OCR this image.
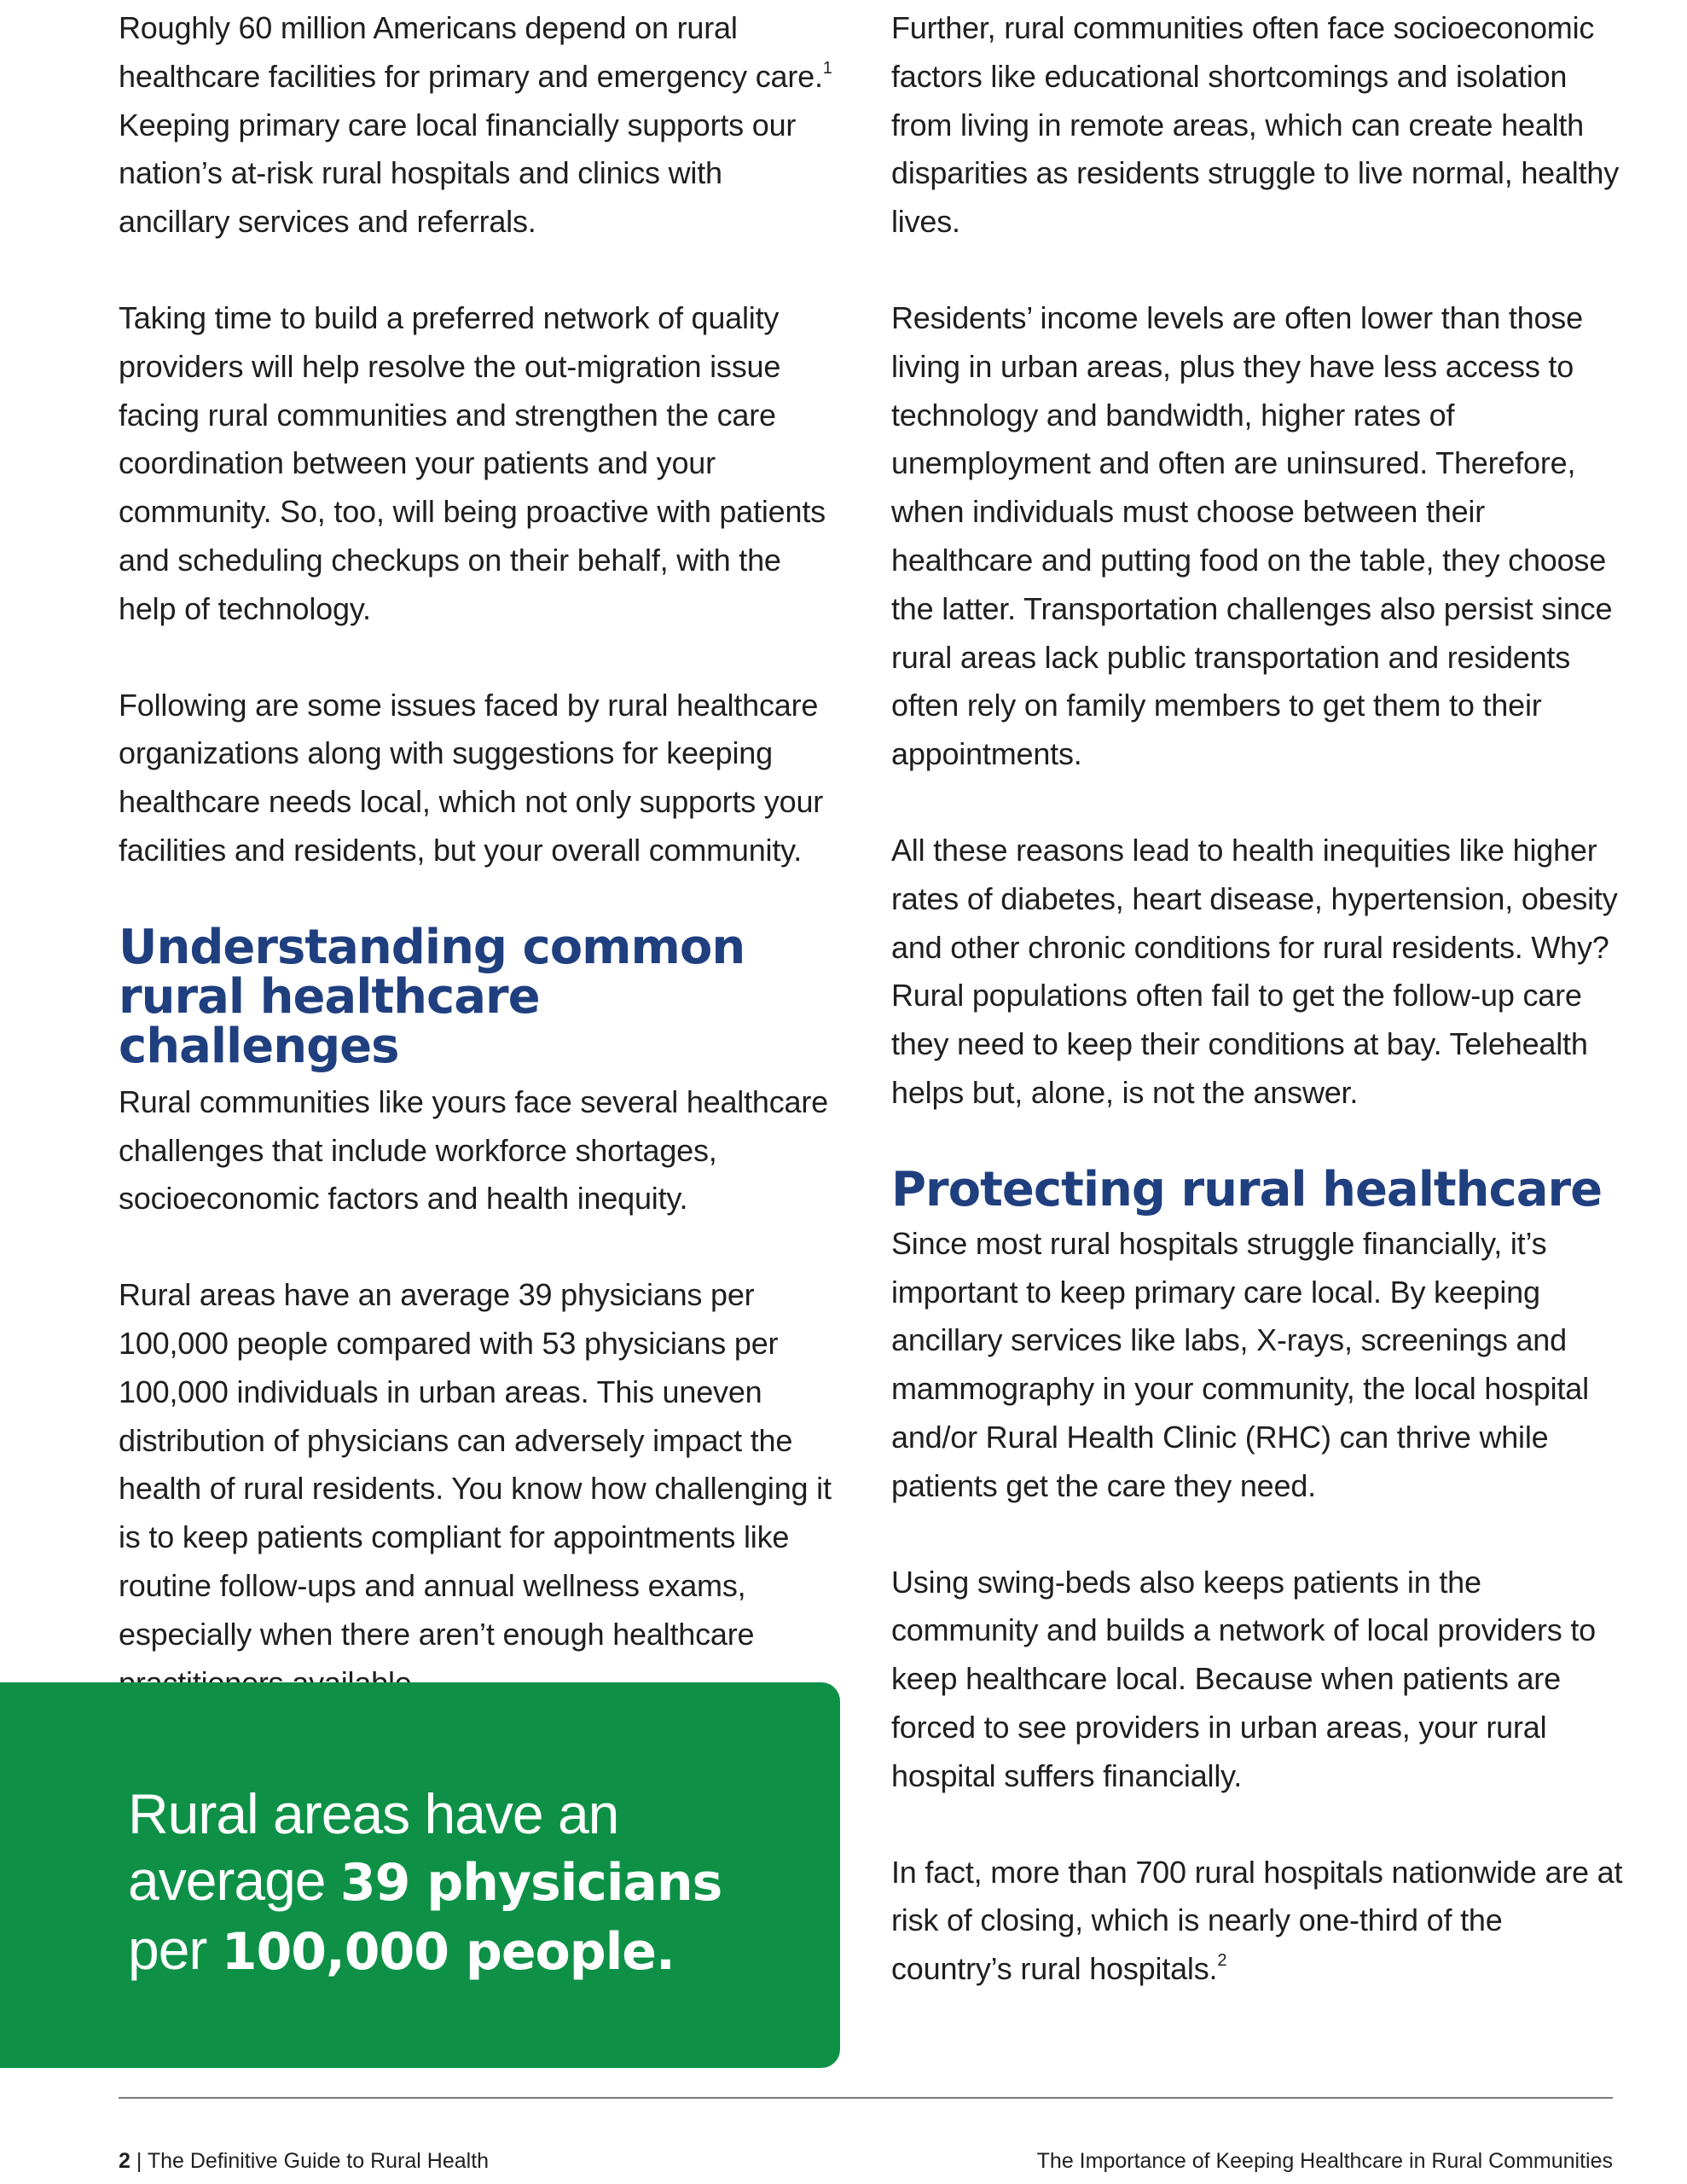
Roughly 60 million Americans depend on rural healthcare facilities for primary and emergency care.$^1$ Keeping primary care local financially supports our nation’s at-risk rural hospitals and clinics with ancillary services and referrals.

Taking time to build a preferred network of quality providers will help resolve the out-migration issue facing rural communities and strengthen the care coordination between your patients and your community. So, too, will being proactive with patients and scheduling checkups on their behalf, with the help of technology.

Following are some issues faced by rural healthcare organizations along with suggestions for keeping healthcare needs local, which not only supports your facilities and residents, but your overall community.

Understanding common rural healthcare challenges

Rural communities like yours face several healthcare challenges that include workforce shortages, socioeconomic factors and health inequity.

Rural areas have an average 39 physicians per 100,000 people compared with 53 physicians per 100,000 individuals in urban areas. This uneven distribution of physicians can adversely impact the health of rural residents. You know how challenging it is to keep patients compliant for appointments like routine follow-ups and annual wellness exams, especially when there aren’t enough healthcare

Further, rural communities often face socioeconomic factors like educational shortcomings and isolation from living in remote areas, which can create health disparities as residents struggle to live normal, healthy lives.

Residents’ income levels are often lower than those living in urban areas, plus they have less access to technology and bandwidth, higher rates of unemployment and often are uninsured. Therefore, when individuals must choose between their healthcare and putting food on the table, they choose the latter. Transportation challenges also persist since rural areas lack public transportation and residents often rely on family members to get them to their appointments.

All these reasons lead to health inequities like higher rates of diabetes, heart disease, hypertension, obesity and other chronic conditions for rural residents. Why? Rural populations often fail to get the follow-up care they need to keep their conditions at bay. Telehealth helps but, alone, is not the answer.

Protecting rural healthcare

Since most rural hospitals struggle financially, it’s important to keep primary care local. By keeping ancillary services like labs, X-rays, screenings and mammography in your community, the local hospital and/or Rural Health Clinic (RHC) can thrive while patients get the care they need.

Using swing-beds also keeps patients in the community and builds a network of local providers to keep healthcare local. Because when patients are forced to see providers in urban areas, your rural hospital suffers financially.

In fact, more than 700 rural hospitals nationwide are at risk of closing, which is nearly one-third of the country’s rural hospitals.$^2$

Rural areas have an
average 39 physicians
per 100,000 people.
2 | The Definitive Guide to Rural Health	The Importance of Keeping Healthcare in Rural Communities
